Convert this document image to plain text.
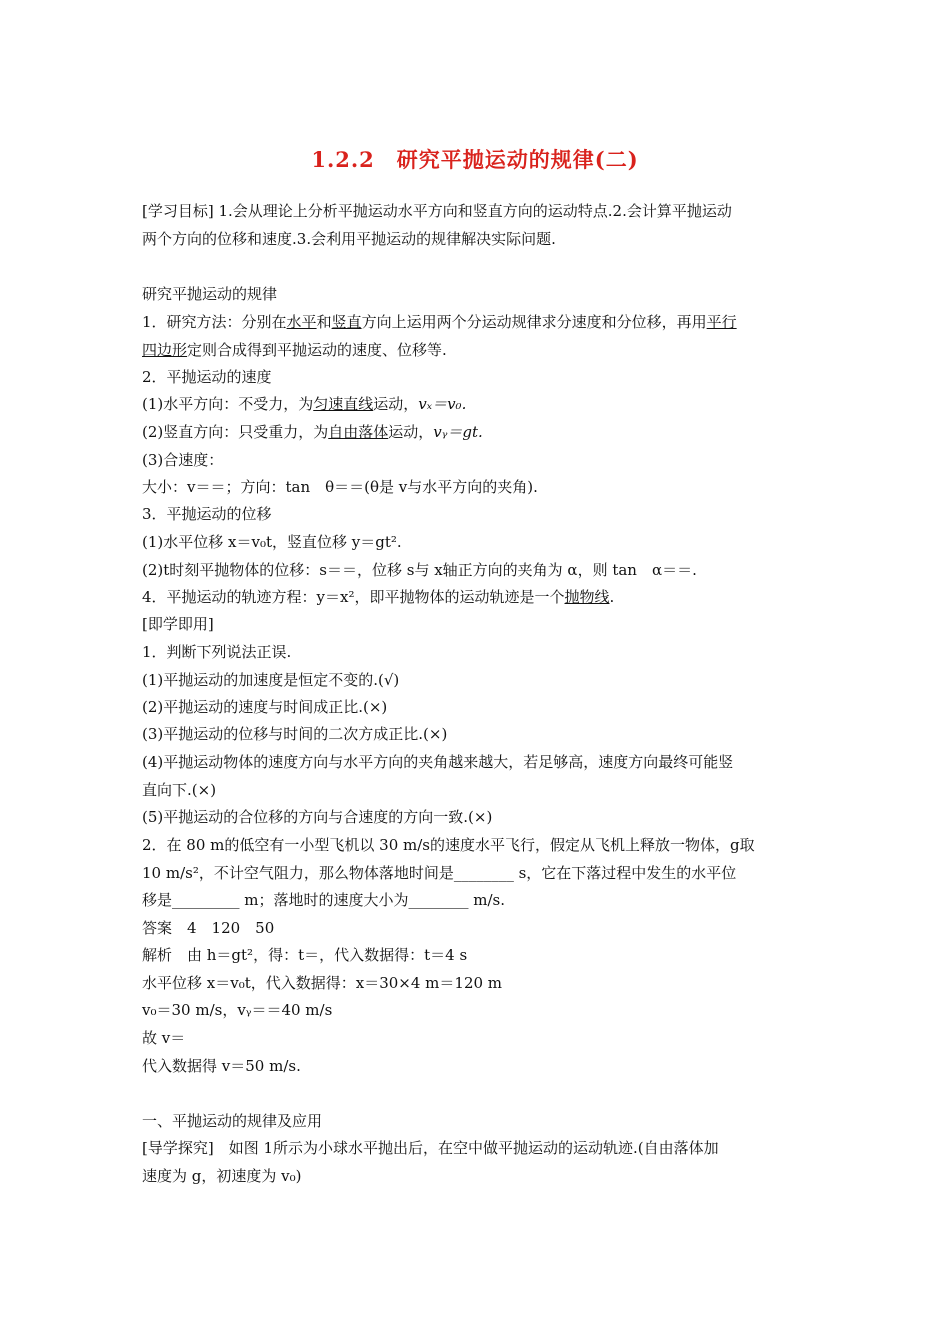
1.2.2　研究平抛运动的规律(二)
[学习目标] 1.会从理论上分析平抛运动水平方向和竖直方向的运动特点.2.会计算平抛运动
两个方向的位移和速度.3.会利用平抛运动的规律解决实际问题.
研究平抛运动的规律
1．研究方法：分别在水平和竖直方向上运用两个分运动规律求分速度和分位移，再用平行
四边形定则合成得到平抛运动的速度、位移等.
2．平抛运动的速度
(1)水平方向：不受力，为匀速直线运动，vₓ＝v₀.
(2)竖直方向：只受重力，为自由落体运动，vᵧ＝gt.
(3)合速度：
大小：v＝＝；方向：tan　θ＝＝(θ是 v与水平方向的夹角).
3．平抛运动的位移
(1)水平位移 x＝v₀t，竖直位移 y＝gt².
(2)t时刻平抛物体的位移：s＝＝，位移 s与 x轴正方向的夹角为 α，则 tan　α＝＝.
4．平抛运动的轨迹方程：y＝x²，即平抛物体的运动轨迹是一个抛物线.
[即学即用]
1．判断下列说法正误.
(1)平抛运动的加速度是恒定不变的.(√)
(2)平抛运动的速度与时间成正比.(×)
(3)平抛运动的位移与时间的二次方成正比.(×)
(4)平抛运动物体的速度方向与水平方向的夹角越来越大，若足够高，速度方向最终可能竖
直向下.(×)
(5)平抛运动的合位移的方向与合速度的方向一致.(×)
2．在 80 m的低空有一小型飞机以 30 m/s的速度水平飞行，假定从飞机上释放一物体，g取
10 m/s²，不计空气阻力，那么物体落地时间是________ s，它在下落过程中发生的水平位
移是_________ m；落地时的速度大小为________ m/s.
答案　4　120　50
解析　由 h＝gt²，得：t＝，代入数据得：t＝4 s
水平位移 x＝v₀t，代入数据得：x＝30×4 m＝120 m
v₀＝30 m/s，vᵧ＝＝40 m/s
故 v＝
代入数据得 v＝50 m/s.
一、平抛运动的规律及应用
[导学探究]　如图 1所示为小球水平抛出后，在空中做平抛运动的运动轨迹.(自由落体加
速度为 g，初速度为 v₀)
